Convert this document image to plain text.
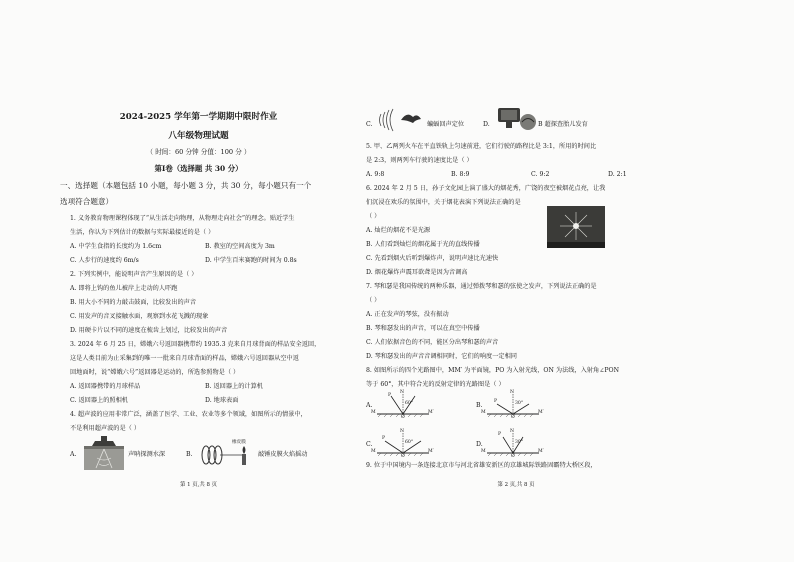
2024-2025 学年第一学期期中限时作业
八年级物理试题
（ 时间：60 分钟 分值：100 分 ）
第Ⅰ卷（选择题 共 30 分）
一、选择题（本题包括 10 小题，每小题 3 分，共 30 分，每小题只有一个
选项符合题意）
1. 义务教育物理课程体现了“从生活走向物理，从物理走向社会”的理念。贴近学生
生活，你认为下列估计的数据与实际最接近的是（ ）
A. 中学生食指的长度约为 1.6cm	B. 教室的空间高度为 3m
C. 人步行的速度约 6m/s	D. 中学生百米赛跑的时间为 0.8s
2. 下列实例中，能说明声音产生原因的是（ ）
A. 即将上钩的鱼儿被岸上走动的人吓跑
B. 用大小不同的力敲击鼓面，比较发出的声音
C. 用发声的音叉接触水面，观察到水花飞溅的现象
D. 用硬卡片以不同的速度在梳齿上划过，比较发出的声音
3. 2024 年 6 月 25 日，嫦娥六号返回器携带约 1935.3 克来自月球背面的样品安全返回，
这是人类目前为止采集到的唯一一批来自月球背面的样品，嫦娥六号返回器从空中返
回地面时，说“嫦娥六号”返回器是运动的，所选参照物是（ ）
A. 返回器携带的月球样品	B. 返回器上的计算机
C. 返回器上的照相机	D. 地球表面
4. 超声波的应用非常广泛，涵盖了医学、工业、农业等多个领域，如图所示的情景中，
不是利用超声波的是（ ）
A.	声呐探测水深	B.
橡皮膜
敲锤皮膜火焰摇动
第 1 页,共 8 页
C.	蝙蝠回声定位	D.	B 超探查胎儿发育
5. 甲、乙两列火车在平直铁轨上匀速前进，它们行驶的路程比是 3:1，所用的时间比
是 2:3，则两列车行驶的速度比是（ ）
A. 9:8	B. 8:9	C. 9:2	D. 2:1
6. 2024 年 2 月 5 日，孙子文化园上演了盛大的烟花秀，广饶的夜空被烟花点亮，让我
们沉浸在欢乐的氛围中，关于烟花表演下列说法正确的是
（ ）
A. 灿烂的烟花不是光源
B. 人们看到灿烂的烟花属于光的直线传播
C. 先看到烟火后听到爆炸声，说明声速比光速快
D. 烟花爆炸声震耳欲聋是因为音调高
7. 琴和瑟是我国传统的两种乐器，通过弹拨琴和瑟的弦使之发声，下列说法正确的是
（ ）
A. 正在发声的琴弦，没有振动
B. 琴和瑟发出的声音，可以在真空中传播
C. 人们依据音色的不同，能区分出琴和瑟的声音
D. 琴和瑟发出的声音音调相同时，它们的响度一定相同
8. 如图所示的四个光路图中，MM′ 为平面镜，PO 为入射光线，ON 为法线，入射角∠PON
等于 60°，其中符合光的反射定律的光路图是（ ）
A.
N
P
60°
M	M′
O
B.
N
P	30°
M	M′
O
C.
N
P
60°
M	M′
O
D.
N
P
30°
M	M′
O
9. 位于中国境内一条连接北京市与河北省雄安新区的京雄城际铁路固霸特大桥区段，
第 2 页,共 8 页
